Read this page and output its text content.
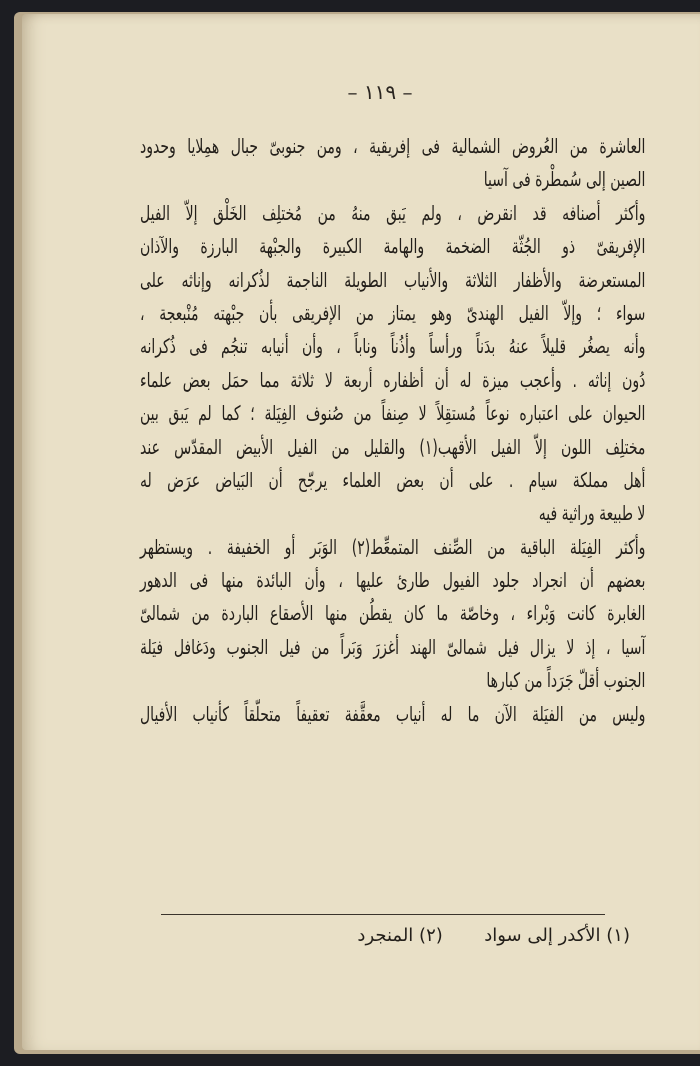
– ١١٩ –
العاشرة من العُروض الشمالية فى إفريقية ، ومن جنوبىّ جبال همِلايا وحدود
الصين إلى سُمطْرة فى آسيا
وأكثر أصنافه قد انقرض ، ولم يَبق منهُ من مُختلِف الخَلْق إلاّ الفيل
الإفريقىّ ذو الجُثّة الضخمة والهامة الكبيرة والجبْهة البارزة والآذان
المستعرضة والأظفار الثلاثة والأنياب الطويلة الناجمة لذُكرانه وإناثه على
سواء ؛ وإلاّ الفيل الهندىّ وهو يمتاز من الإفريقى بأن جبْهته مُنْبعجة ،
وأنه يصغُر قليلاً عنهُ بدَناً ورأساً وأذُناً وناباً ، وأن أنيابه تنجُم فى ذُكرانه
دُون إناثه . وأعجب ميزة له أن أظفاره أربعة لا ثلاثة مما حمَل بعض علماء
الحيوان على اعتباره نوعاً مُستقِلاً لا صِنفاً من صُنوف الفِيَلة ؛ كما لم يَبق بين
مختلِف اللون إلاّ الفيل الأقهب(١) والقليل من الفيل الأبيض المقدّس عند
أهل مملكة سيام . على أن بعض العلماء يرجّح أن البَياض عرَض له
لا طبيعة وراثية فيه
وأكثر الفِيَلة الباقية من الصِّنف المتمعِّط(٢) الوَبَر أو الخفيفة . ويستظهر
بعضهم أن انجراد جلود الفيول طارئ عليها ، وأن البائدة منها فى الدهور
الغابرة كانت وَبْراء ، وخاصّة ما كان يقطُن منها الأصقاع الباردة من شمالىّ
آسيا ، إذ لا يزال فيل شمالىّ الهند أغزرَ وَبَراً من فيل الجنوب ودَغافل فيَلة
الجنوب أقلّ جَرَداً من كبارها
وليس من الفيَلة الآن ما له أنياب معقَّفة تعقيفاً متحلّقاً كأنياب الأفيال
(١) الأكدر إلى سواد  (٢) المنجرد
